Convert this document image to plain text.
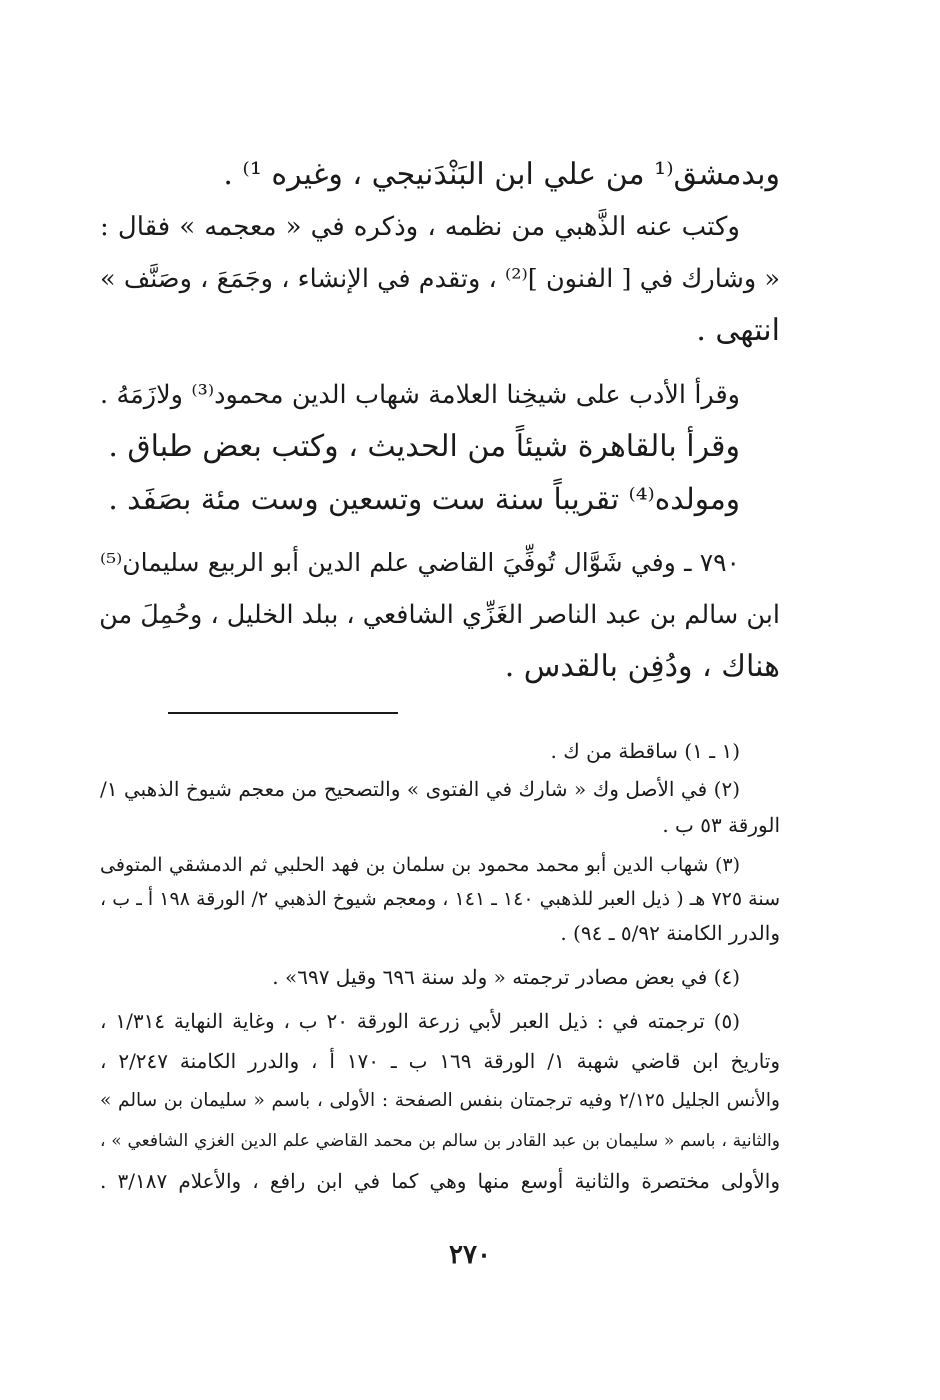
وبدمشق⁽¹ من علي ابن البَنْدَنيجي ، وغيره ¹⁾ .
وكتب عنه الذَّهبي من نظمه ، وذكره في « معجمه » فقال :
« وشارك في [ الفنون ]⁽²⁾ ، وتقدم في الإنشاء ، وجَمَعَ ، وصَنَّف »
انتهى .
وقرأ الأدب على شيخِنا العلامة شهاب الدين محمود⁽³⁾ ولازَمَهُ .
وقرأ بالقاهرة شيئاً من الحديث ، وكتب بعض طباق .
ومولده⁽⁴⁾ تقريباً سنة ست وتسعين وست مئة بصَفَد .
٧٩٠ ـ وفي شَوَّال تُوفِّيَ القاضي علم الدين أبو الربيع سليمان⁽⁵⁾
ابن سالم بن عبد الناصر الغَزِّي الشافعي ، ببلد الخليل ، وحُمِلَ من
هناك ، ودُفِن بالقدس .
(١ ـ ١) ساقطة من ك .
(٢) في الأصل وك « شارك في الفتوى » والتصحيح من معجم شيوخ الذهبي ١/
الورقة ٥٣ ب .
(٣) شهاب الدين أبو محمد محمود بن سلمان بن فهد الحلبي ثم الدمشقي المتوفى
سنة ٧٢٥ هـ ( ذيل العبر للذهبي ١٤٠ ـ ١٤١ ، ومعجم شيوخ الذهبي ٢/ الورقة ١٩٨ أ ـ ب ،
والدرر الكامنة ٥/٩٢ ـ ٩٤) .
(٤) في بعض مصادر ترجمته « ولد سنة ٦٩٦ وقيل ٦٩٧» .
(٥) ترجمته في : ذيل العبر لأبي زرعة الورقة ٢٠ ب ، وغاية النهاية ١/٣١٤ ،
وتاريخ ابن قاضي شهبة ١/ الورقة ١٦٩ ب ـ ١٧٠ أ ، والدرر الكامنة ٢/٢٤٧ ،
والأنس الجليل ٢/١٢٥ وفيه ترجمتان بنفس الصفحة : الأولى ، باسم « سليمان بن سالم »
والثانية ، باسم « سليمان بن عبد القادر بن سالم بن محمد القاضي علم الدين الغزي الشافعي » ،
والأولى مختصرة والثانية أوسع منها وهي كما في ابن رافع ، والأعلام ٣/١٨٧ .
٢٧٠
